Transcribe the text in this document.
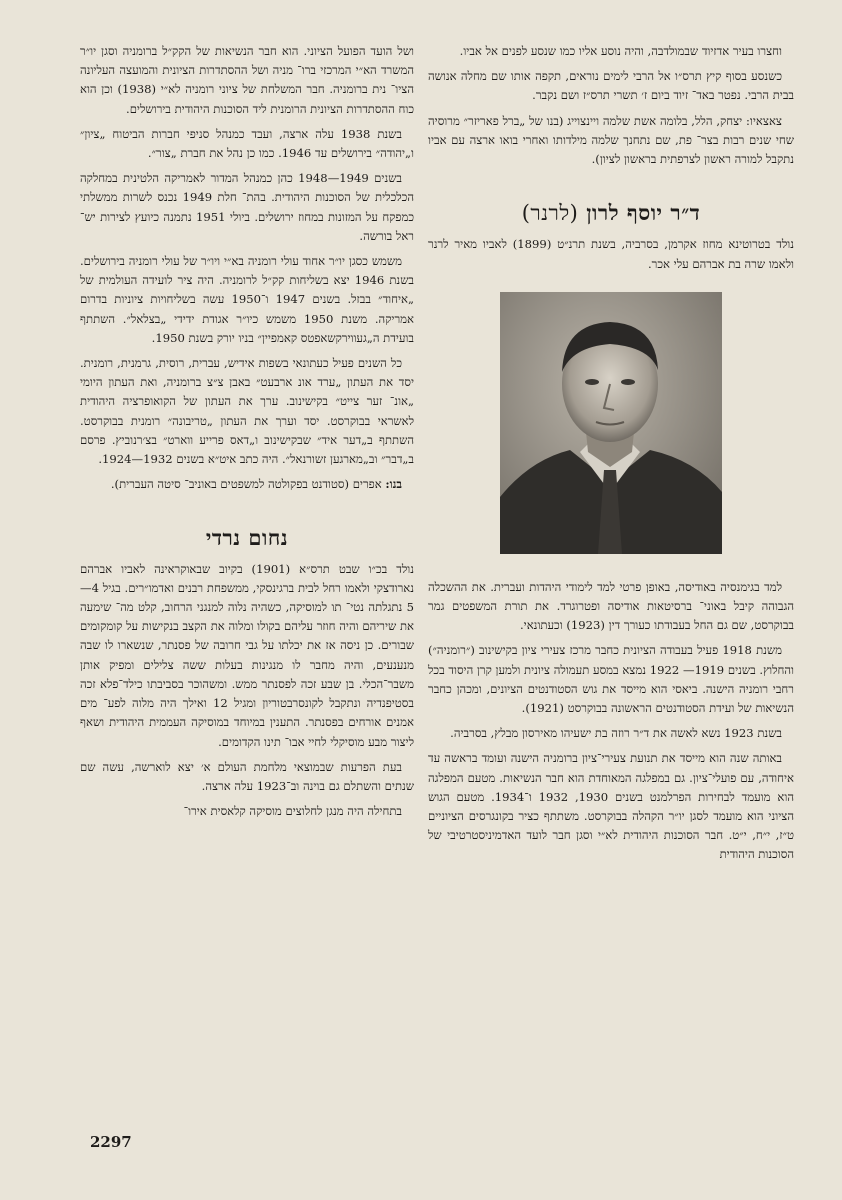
וחצרו בעיר אדזיוד שבמולדבה, והיה נוסע אליו כמו שנסע לפנים אל אביו.

כשנסע בסוף קיץ תרס״ו אל הרבי לימים נוראים, תקפה אותו שם מחלה אנושה בבית הרבי. נפטר באד־ זיוד ביום ז׳ תשרי תרס״ז ושם נקבר.

צאצאיו: יצחק, הלל, בלומה אשת שלמה ויינצוייג (בנו של „ברל פאריזר״ מרוסיה שחי שנים רבות בצר־ פת, שם נתחנך שלמה מילדותו ואחרי בואו ארצה עם אביו נתקבל למורה ראשון לצרפתית בראשון לציון).

ד״ר יוסף לרון (לרנר)

נולד בטרוטינא מחוז אקרמן, בסרביה, בשנת תרנ״ט (1899) לאביו מאיר לרנר ולאמו שרה בת אברהם עלי אכר.

למד בגימנסיה באודיסה, באופן פרטי למד לימודי היהדות ועברית. את ההשכלה הגבוהה קיבל באוני־ ברסיטאות אודיסה ופטרוגרד. את תורת המשפטים גמר בבוקרסט, שם גם החל בעבודתו כעורך דין (1923) וכעתונאי.

משנת 1918 פעיל בעבודה הציונית כחבר מרכז צעירי ציון בקישינוב (״רומניה״) והחלוץ. בשנים 1919— 1922 נמצא במסע תעמולה ציונית ולמען קרן היסוד בכל רחבי רומניה הישנה. ביאסי הוא מייסד את גוש הסטודנטים הציונים, ומכהן כחבר הנשיאות של ועידת הסטודנטים הראשונה בבוקרסט (1921).

בשנת 1923 נשא לאשה את ד״ר רוזה בת ישעיהו מאירסון מבלץ, בסרביה.

באותה שנה הוא מייסד את תנועת צעירי־ציון ברומניה הישנה ועומד בראשה עד איחודה, עם פועלי־ציון. גם במפלגה המאוחדת הוא חבר הנשיאות. מטעם המפלגה הוא מועמד לבחירות הפרלמנט בשנים 1930, 1932 ו־1934. מטעם הגוש הציוני הוא מועמד לסגן יו״ר הקהלה בבוקרסט. משתתף כציר בקונגרסים הציוניים ט״ז, י״ח, י״ט. חבר הסוכנות היהודית לא״י וסגן חבר לועד האדמיניסטרטיבי של הסוכנות היהודית

ושל הועד הפועל הציוני. הוא חבר הנשיאות של הקק״ל ברומניה וסגן יו״ר המשרד הא״י המרכזי ברו־ מניה ושל ההסתדרות הציונית והמועצה העליונה הציו־ נית ברומניה. חבר המשלחת של ציוני רומניה לא״י (1938) וכן הוא כוח ההסתדרות הציונית הרומנית ליד הסוכנות היהודית בירושלים.

בשנת 1938 עלה ארצה, ועבד כמנהל סניפי חברות הביטוח „ציון״ ו„יהודה״ בירושלים עד 1946. כמו כן נהל את חברת „צור״.

בשנים 1949—1948 כהן כמנהל המדור לאמריקה הלטינית במחלקה הכלכלית של הסוכנות היהודית. בהת־ חלת 1949 נכנס לשרות ממשלתי כמפקח על המזונות במחוז ירושלים. ביולי 1951 נתמנה כיועץ לצירות יש־ ראל בורשה.

משמש כסגן יו״ר אחוד עולי רומניה בא״י ויו״ר של עולי רומניה בירושלים. בשנת 1946 יצא בשליחות קק״ל לרומניה. היה ציר לועידה העולמית של „איחוד״ בבזל. בשנים 1947 ו־1950 עשה בשליחויות ציוניות בדרום אמריקה. משנת 1950 משמש כיו״ר אגודת ידידי „בצלאל״. השתתף בועידת ה„געווירקשאפטס קאמפיין״ בניו יורק בשנת 1950.

כל השנים פעיל כעתונאי בשפות אידיש, עברית, רוסית, גרמנית, רומנית. יסד את העתון „ערד אונ ארבעט״ באבן צ״צ ברומניה, ואת העתון היומי „אונ־ זער צייט״ בקישינוב. ערך את העתון של הקואופרציה היהודית לאשראי בבוקרסט. יסד וערך את העתון „טריבונה״ רומנית בבוקרסט. השתתף ב„דער איד״ שבקישינוב ו„דאס פרייע ווארט״ בצ׳רנוביץ. פרסם ב„דבר״ וב„מארגען זשורנאל״. היה כתב איט״א בשנים 1932—1924.

בנו: אפרים (סטודנט בפקולטה למשפטים באוניב־ סיטה העברית).

נחום נרדי

נולד בכ״ו שבט תרס״א (1901) בקיוב שבאוקראינה לאביו אברהם נארודצקי ולאמו רחל לבית ברגינסקי, ממשפחת רבנים ואדמו״רים. בגיל 4—5 נתגלתה נטי־ תו למוסיקה, כשהיה נלוה למנגני הרחוב, קלט מה־ שימעה את שיריהם והיה חוזר עליהם בקולו ומלוה את הקצב בנקישות על קומקומים שבורים. כן ניסה אז את יכלתו על גבי חרובה של פסנתר, שנשארו לו שבה מנענעים, והיה מחבר לו מנגינות בעלות ששה צלילים ומפיק אותן משבר־הכלי. בן שבע זכה לפסנתר ממש. ומשהוכר בסביבתו כילד־פלא זכה בסטיפנדיה ונתקבל לקונסרבטוריון ומגיל 12 ואילך היה מלוה לפע־ מים אמנים אורחים בפסנתר. התענין במיוחד במוסיקה העממית היהודית ושאף ליצור מבע מוסיקלי לחיי אבו־ תינו הקדומים.

בעת הפרעות שבמוצאי מלחמת העולם א׳ יצא לוארשה, עשה שם שנתים והשתלם גם בוינה וב־1923 עלה ארצה.

בתחילה היה מנגן לחלוצים מוסיקה קלאסית אירו־

2297
